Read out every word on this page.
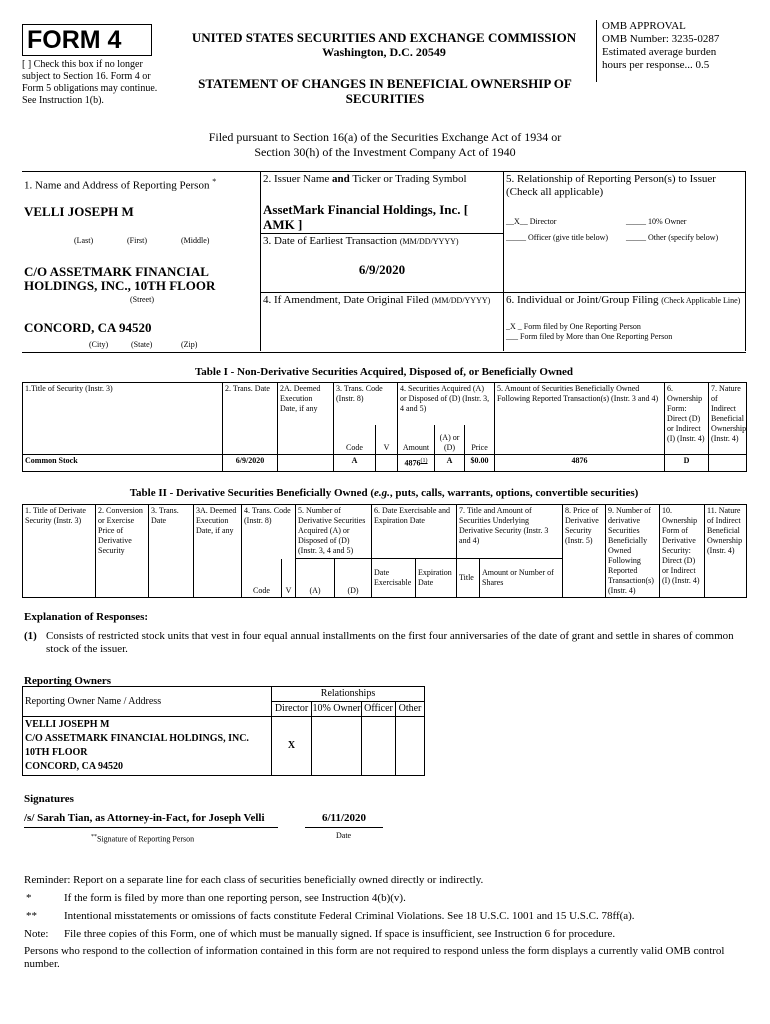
FORM 4
[ ] Check this box if no longer subject to Section 16. Form 4 or Form 5 obligations may continue. See Instruction 1(b).
UNITED STATES SECURITIES AND EXCHANGE COMMISSION
Washington, D.C. 20549
STATEMENT OF CHANGES IN BENEFICIAL OWNERSHIP OF SECURITIES
OMB APPROVAL
OMB Number: 3235-0287
Estimated average burden
hours per response... 0.5
Filed pursuant to Section 16(a) of the Securities Exchange Act of 1934 or
Section 30(h) of the Investment Company Act of 1940
1. Name and Address of Reporting Person *
VELLI JOSEPH M
(Last)	(First)	(Middle)
C/O ASSETMARK FINANCIAL
HOLDINGS, INC., 10TH FLOOR
(Street)
CONCORD, CA 94520
(City)	(State)	(Zip)
2. Issuer Name and Ticker or Trading Symbol
AssetMark Financial Holdings, Inc. [
AMK ]
3. Date of Earliest Transaction (MM/DD/YYYY)
6/9/2020
4. If Amendment, Date Original Filed (MM/DD/YYYY)
5. Relationship of Reporting Person(s) to Issuer
(Check all applicable)
__X__ Director	_____ 10% Owner
_____ Officer (give title below) _____ Other (specify below)
6. Individual or Joint/Group Filing (Check Applicable Line)
_X _ Form filed by One Reporting Person
___ Form filed by More than One Reporting Person
Table I - Non-Derivative Securities Acquired, Disposed of, or Beneficially Owned
1.Title of Security (Instr. 3)	2. Trans. Date	2A. Deemed Execution Date, if any	3. Trans. Code (Instr. 8)		4. Securities Acquired (A) or Disposed of (D) (Instr. 3, 4 and 5)			5. Amount of Securities Beneficially Owned Following Reported Transaction(s) (Instr. 3 and 4)	6. Ownership Form: Direct (D) or Indirect (I) (Instr. 4)	7. Nature of Indirect Beneficial Ownership (Instr. 4)
			Code	V	Amount	(A) or (D)	Price			
Common Stock	6/9/2020		A		4876$^{(1)}$	A	$0.00	4876	D	
Table II - Derivative Securities Beneficially Owned (e.g., puts, calls, warrants, options, convertible securities)
1. Title of Derivate Security (Instr. 3)	2. Conversion or Exercise Price of Derivative Security	3. Trans. Date	3A. Deemed Execution Date, if any	4. Trans. Code (Instr. 8)		5. Number of Derivative Securities Acquired (A) or Disposed of (D) (Instr. 3, 4 and 5)		6. Date Exercisable and Expiration Date		7. Title and Amount of Securities Underlying Derivative Security (Instr. 3 and 4)		8. Price of Derivative Security (Instr. 5)	9. Number of derivative Securities Beneficially Owned Following Reported Transaction(s) (Instr. 4)	10. Ownership Form of Derivative Security: Direct (D) or Indirect (I) (Instr. 4)	11. Nature of Indirect Beneficial Ownership (Instr. 4)
				Code	V	(A)	(D)	Date Exercisable	Expiration Date	Title	Amount or Number of Shares				
Explanation of Responses:
(1) Consists of restricted stock units that vest in four equal annual installments on the first four anniversaries of the date of grant and settle in shares of common stock of the issuer.
Reporting Owners
Reporting Owner Name / Address	Relationships			
	Director	10% Owner	Officer	Other

VELLI JOSEPH M
C/O ASSETMARK FINANCIAL HOLDINGS, INC.
10TH FLOOR
CONCORD, CA 94520	X			
Signatures
/s/ Sarah Tian, as Attorney-in-Fact, for Joseph Velli	6/11/2020
**Signature of Reporting Person	Date
Reminder: Report on a separate line for each class of securities beneficially owned directly or indirectly.
*	If the form is filed by more than one reporting person, see Instruction 4(b)(v).
** Intentional misstatements or omissions of facts constitute Federal Criminal Violations. See 18 U.S.C. 1001 and 15 U.S.C. 78ff(a).
Note: File three copies of this Form, one of which must be manually signed. If space is insufficient, see Instruction 6 for procedure.
Persons who respond to the collection of information contained in this form are not required to respond unless the form displays a currently valid OMB control number.
